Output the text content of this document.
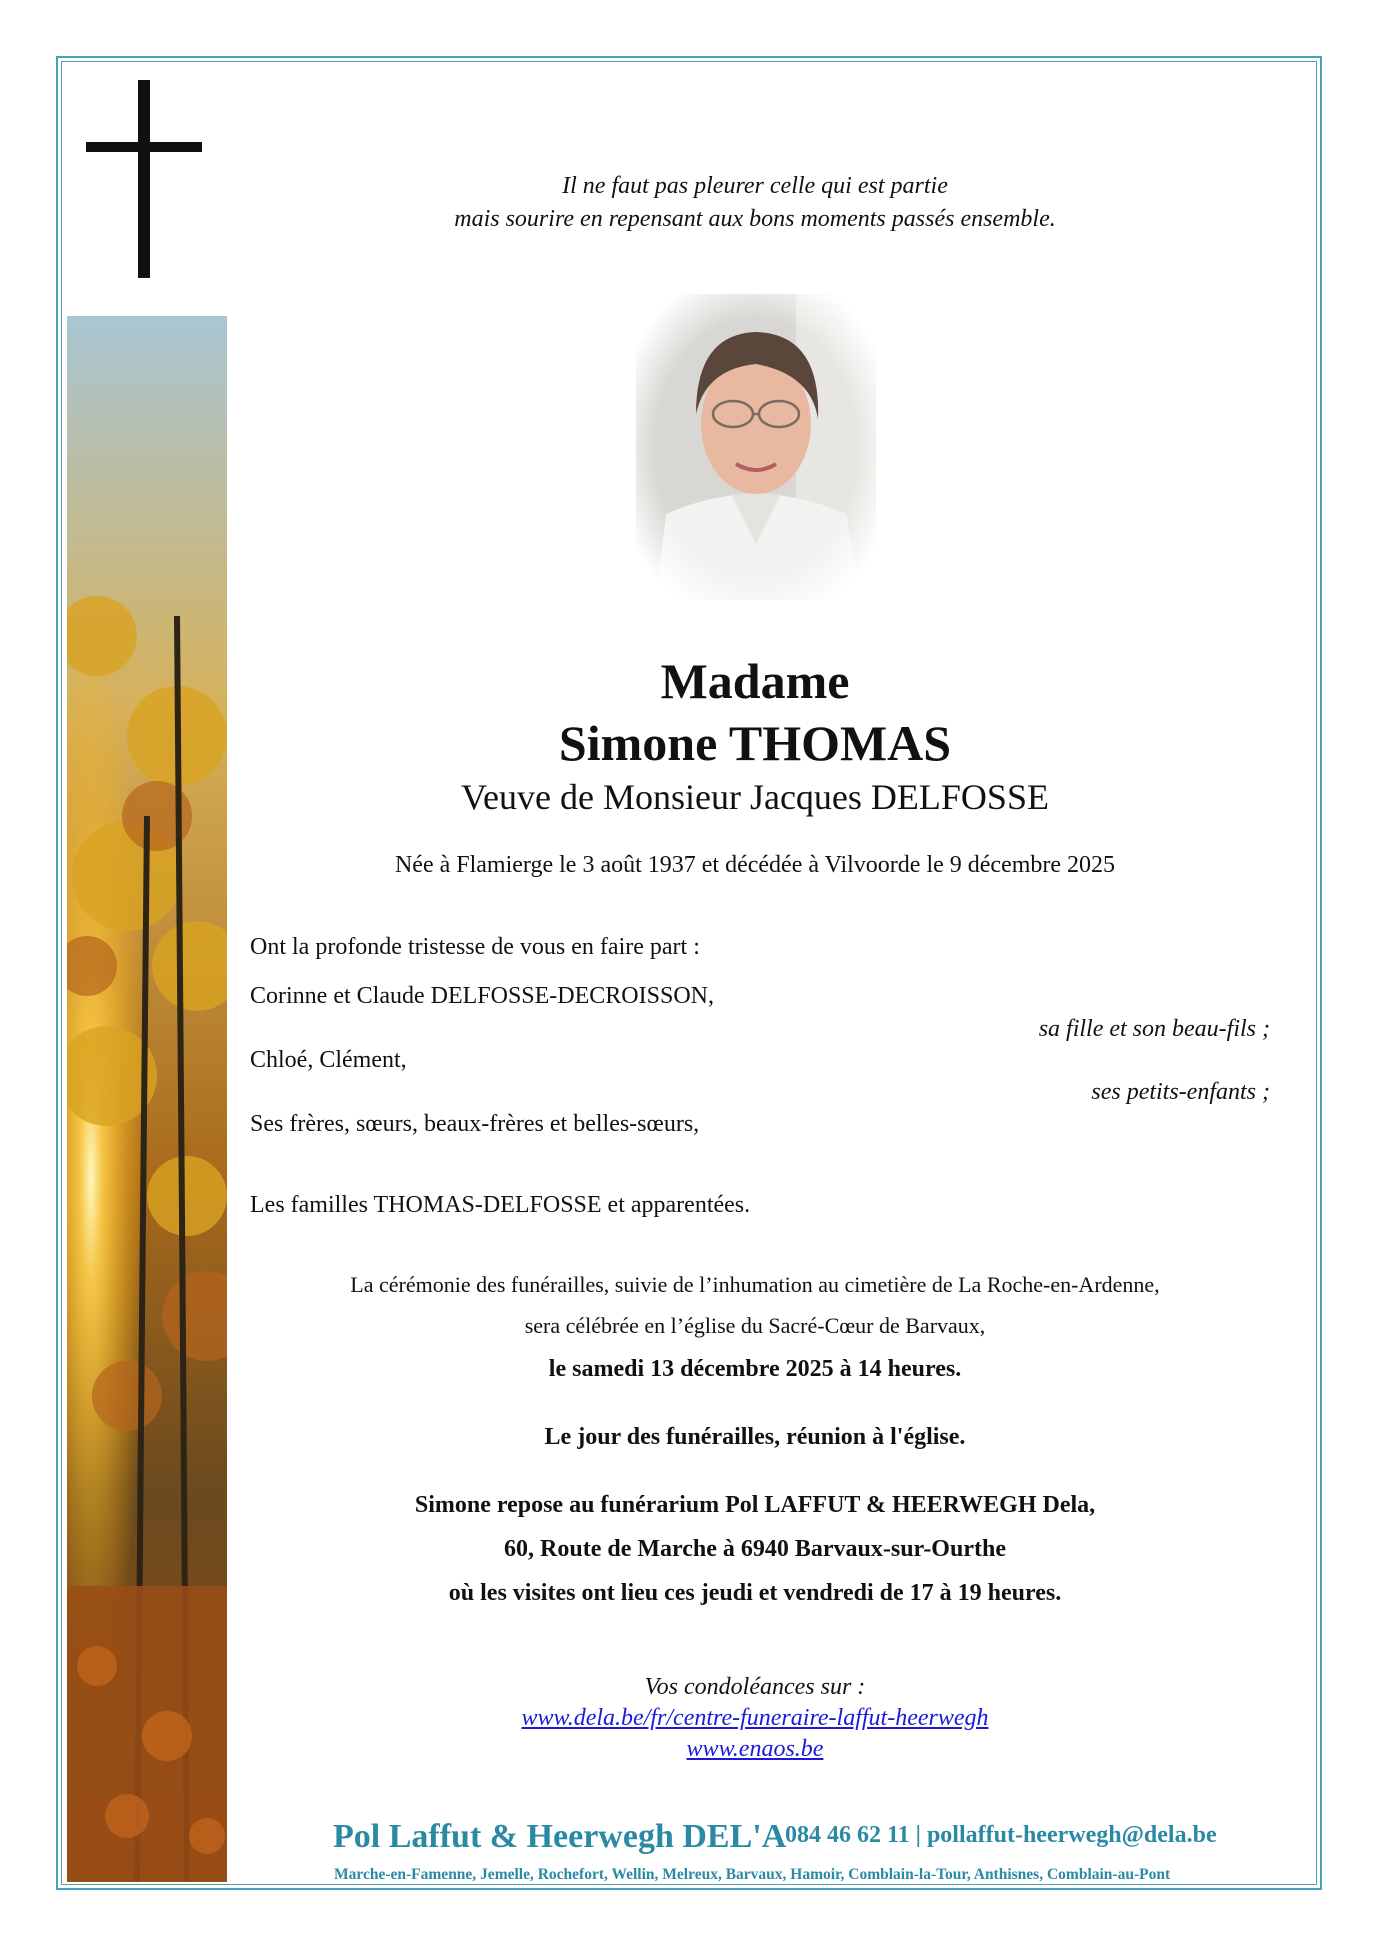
Il ne faut pas pleurer celle qui est partie
mais sourire en repensant aux bons moments passés ensemble.
Madame
Simone THOMAS
Veuve de Monsieur Jacques DELFOSSE
Née à Flamierge le 3 août 1937 et décédée à Vilvoorde le 9 décembre 2025
Ont la profonde tristesse de vous en faire part :
Corinne et Claude DELFOSSE-DECROISSON,
sa fille et son beau-fils ;
Chloé, Clément,
ses petits-enfants ;
Ses frères, sœurs, beaux-frères et belles-sœurs,
Les familles THOMAS-DELFOSSE et apparentées.
La cérémonie des funérailles, suivie de l’inhumation au cimetière de La Roche-en-Ardenne,
sera célébrée en l’église du Sacré-Cœur de Barvaux,
le samedi 13 décembre 2025 à 14 heures.
Le jour des funérailles, réunion à l'église.
Simone repose au funérarium Pol LAFFUT & HEERWEGH Dela,
60, Route de Marche à 6940 Barvaux-sur-Ourthe
où les visites ont lieu ces jeudi et vendredi de 17 à 19 heures.
Vos condoléances sur :
www.dela.be/fr/centre-funeraire-laffut-heerwegh
www.enaos.be
Pol Laffut & Heerwegh DEL'A
084 46 62 11 | pollaffut-heerwegh@dela.be
Marche-en-Famenne, Jemelle, Rochefort, Wellin, Melreux, Barvaux, Hamoir, Comblain-la-Tour, Anthisnes, Comblain-au-Pont
